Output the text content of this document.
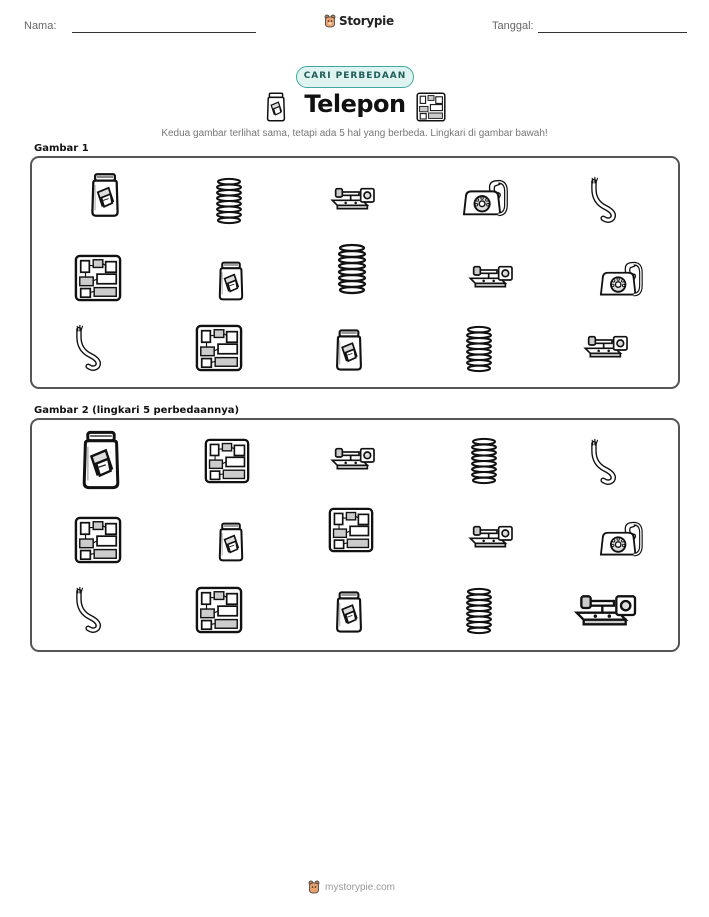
Nama:	Storypie	Tanggal:
CARI PERBEDAAN
Telepon
Kedua gambar terlihat sama, tetapi ada 5 hal yang berbeda. Lingkari di gambar bawah!
Gambar 1
Gambar 2 (lingkari 5 perbedaannya)
mystorypie.com
